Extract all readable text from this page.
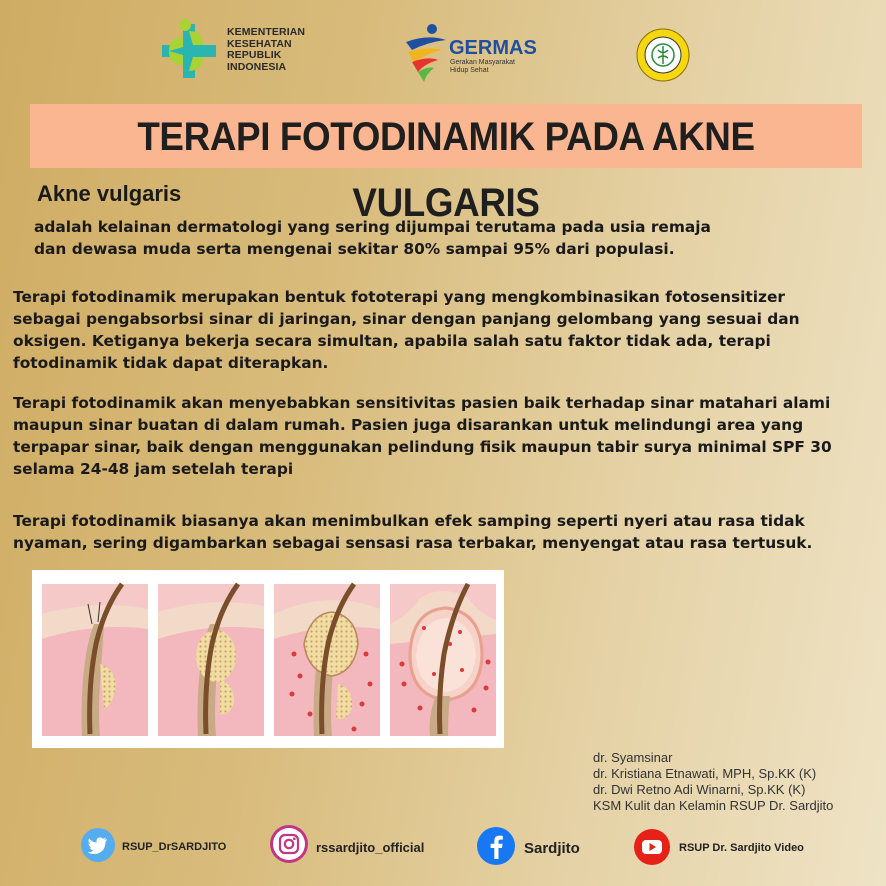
KEMENTERIAN
KESEHATAN
REPUBLIK
INDONESIA
GERMAS
Gerakan Masyarakat
Hidup Sehat
TERAPI FOTODINAMIK PADA AKNE VULGARIS
Akne vulgaris
adalah kelainan dermatologi yang sering dijumpai terutama pada usia remaja
dan dewasa muda serta mengenai sekitar 80% sampai 95% dari populasi.
Terapi fotodinamik merupakan bentuk fototerapi yang mengkombinasikan fotosensitizer
sebagai pengabsorbsi sinar di jaringan, sinar dengan panjang gelombang yang sesuai dan
oksigen. Ketiganya bekerja secara simultan, apabila salah satu faktor tidak ada, terapi
fotodinamik tidak dapat diterapkan.
Terapi fotodinamik akan menyebabkan sensitivitas pasien baik terhadap sinar matahari alami
maupun sinar buatan di dalam rumah. Pasien juga disarankan untuk melindungi area yang
terpapar sinar, baik dengan menggunakan pelindung fisik maupun tabir surya minimal SPF 30
selama 24-48 jam setelah terapi
Terapi fotodinamik biasanya akan menimbulkan efek samping seperti nyeri atau rasa tidak
nyaman, sering digambarkan sebagai sensasi rasa terbakar, menyengat atau rasa tertusuk.
dr. Syamsinar
dr. Kristiana Etnawati, MPH, Sp.KK (K)
dr. Dwi Retno Adi Winarni, Sp.KK (K)
KSM Kulit dan Kelamin RSUP Dr. Sardjito
RSUP_DrSARDJITO	rssardjito_official	Sardjito	RSUP Dr. Sardjito Video
